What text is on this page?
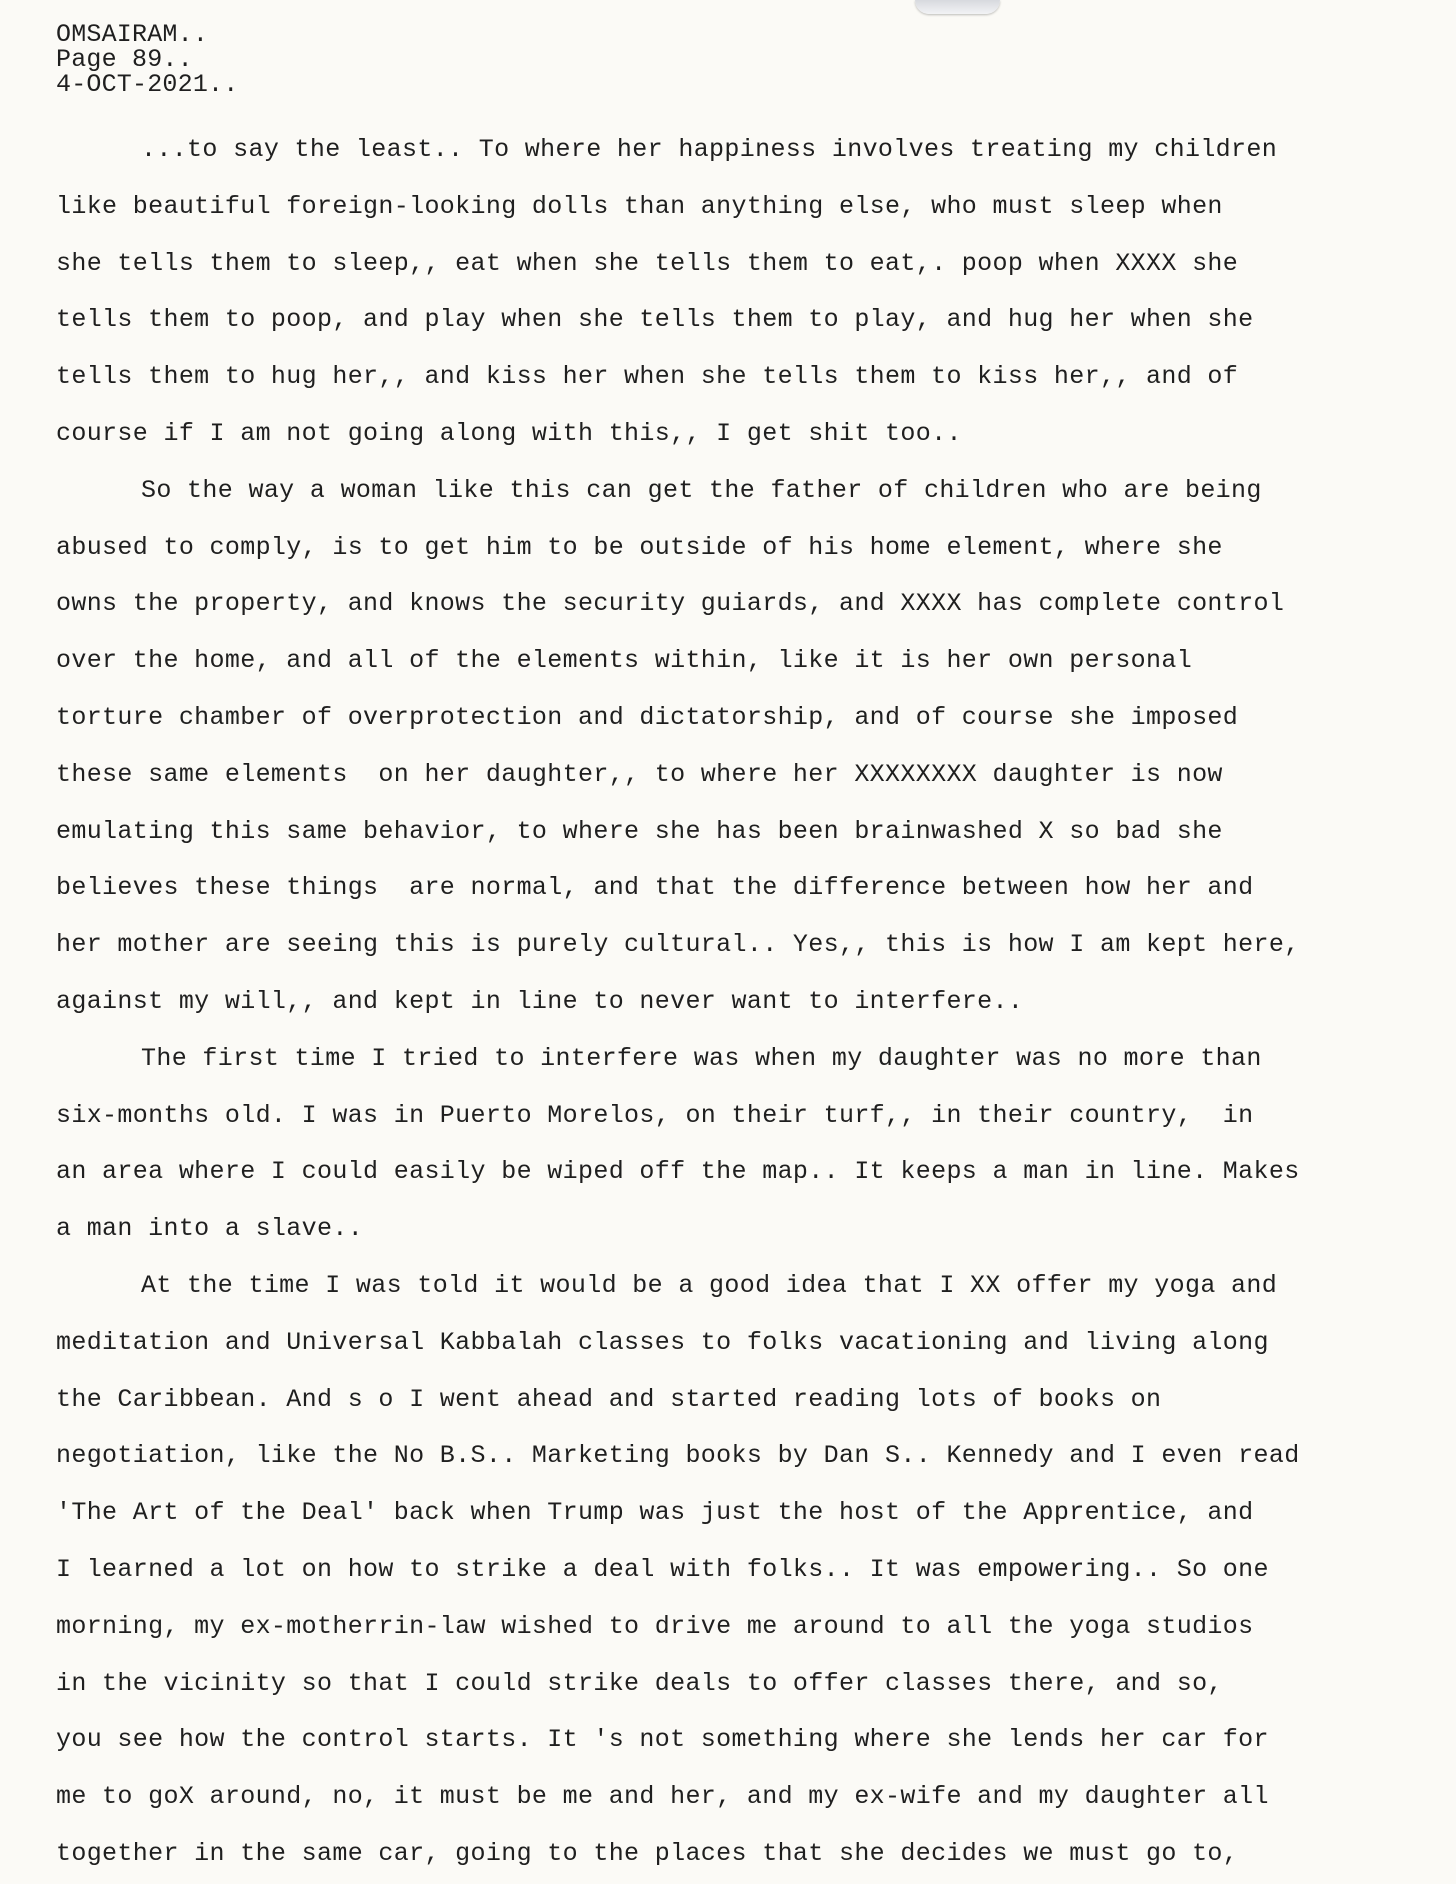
OMSAIRAM..
Page 89..
4-OCT-2021..
...to say the least.. To where her happiness involves treating my children
like beautiful foreign-looking dolls than anything else, who must sleep when
she tells them to sleep,, eat when she tells them to eat,. poop when XXXX she
tells them to poop, and play when she tells them to play, and hug her when she
tells them to hug her,, and kiss her when she tells them to kiss her,, and of
course if I am not going along with this,, I get shit too..
So the way a woman like this can get the father of children who are being
abused to comply, is to get him to be outside of his home element, where she
owns the property, and knows the security guiards, and XXXX has complete control
over the home, and all of the elements within, like it is her own personal
torture chamber of overprotection and dictatorship, and of course she imposed
these same elements  on her daughter,, to where her XXXXXXXX daughter is now
emulating this same behavior, to where she has been brainwashed X so bad she
believes these things  are normal, and that the difference between how her and
her mother are seeing this is purely cultural.. Yes,, this is how I am kept here,
against my will,, and kept in line to never want to interfere..
The first time I tried to interfere was when my daughter was no more than
six-months old. I was in Puerto Morelos, on their turf,, in their country,  in
an area where I could easily be wiped off the map.. It keeps a man in line. Makes
a man into a slave..
At the time I was told it would be a good idea that I XX offer my yoga and
meditation and Universal Kabbalah classes to folks vacationing and living along
the Caribbean. And s o I went ahead and started reading lots of books on
negotiation, like the No B.S.. Marketing books by Dan S.. Kennedy and I even read
'The Art of the Deal' back when Trump was just the host of the Apprentice, and
I learned a lot on how to strike a deal with folks.. It was empowering.. So one
morning, my ex-motherrin-law wished to drive me around to all the yoga studios
in the vicinity so that I could strike deals to offer classes there, and so,
you see how the control starts. It 's not something where she lends her car for
me to goX around, no, it must be me and her, and my ex-wife and my daughter all
together in the same car, going to the places that she decides we must go to,
